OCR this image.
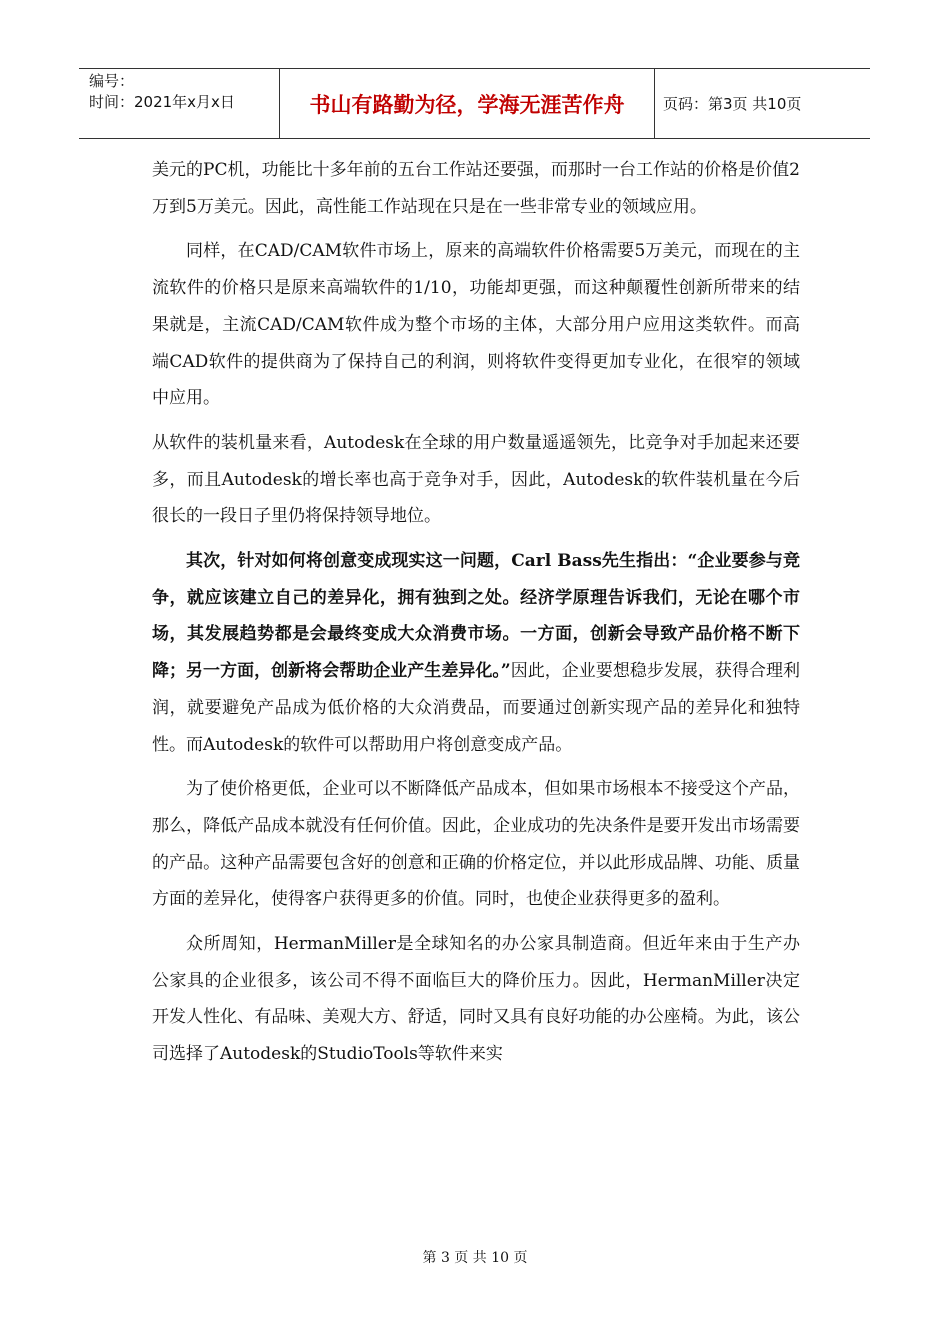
编号：
时间：2021年x月x日	书山有路勤为径，学海无涯苦作舟	页码：第3页 共10页

美元的PC机，功能比十多年前的五台工作站还要强，而那时一台工作站的价格是价值2万到5万美元。因此，高性能工作站现在只是在一些非常专业的领域应用。

同样，在CAD/CAM软件市场上，原来的高端软件价格需要5万美元，而现在的主流软件的价格只是原来高端软件的1/10，功能却更强，而这种颠覆性创新所带来的结果就是，主流CAD/CAM软件成为整个市场的主体，大部分用户应用这类软件。而高端CAD软件的提供商为了保持自己的利润，则将软件变得更加专业化，在很窄的领域中应用。

从软件的装机量来看，Autodesk在全球的用户数量遥遥领先，比竞争对手加起来还要多，而且Autodesk的增长率也高于竞争对手，因此，Autodesk的软件装机量在今后很长的一段日子里仍将保持领导地位。

其次，针对如何将创意变成现实这一问题，Carl Bass先生指出：“企业要参与竞争，就应该建立自己的差异化，拥有独到之处。经济学原理告诉我们，无论在哪个市场，其发展趋势都是会最终变成大众消费市场。一方面，创新会导致产品价格不断下降；另一方面，创新将会帮助企业产生差异化。”因此，企业要想稳步发展，获得合理利润，就要避免产品成为低价格的大众消费品，而要通过创新实现产品的差异化和独特性。而Autodesk的软件可以帮助用户将创意变成产品。

为了使价格更低，企业可以不断降低产品成本，但如果市场根本不接受这个产品，那么，降低产品成本就没有任何价值。因此，企业成功的先决条件是要开发出市场需要的产品。这种产品需要包含好的创意和正确的价格定位，并以此形成品牌、功能、质量方面的差异化，使得客户获得更多的价值。同时，也使企业获得更多的盈利。

众所周知，HermanMiller是全球知名的办公家具制造商。但近年来由于生产办公家具的企业很多，该公司不得不面临巨大的降价压力。因此，HermanMiller决定开发人性化、有品味、美观大方、舒适，同时又具有良好功能的办公座椅。为此，该公司选择了Autodesk的StudioTools等软件来实

第 3 页 共 10 页
